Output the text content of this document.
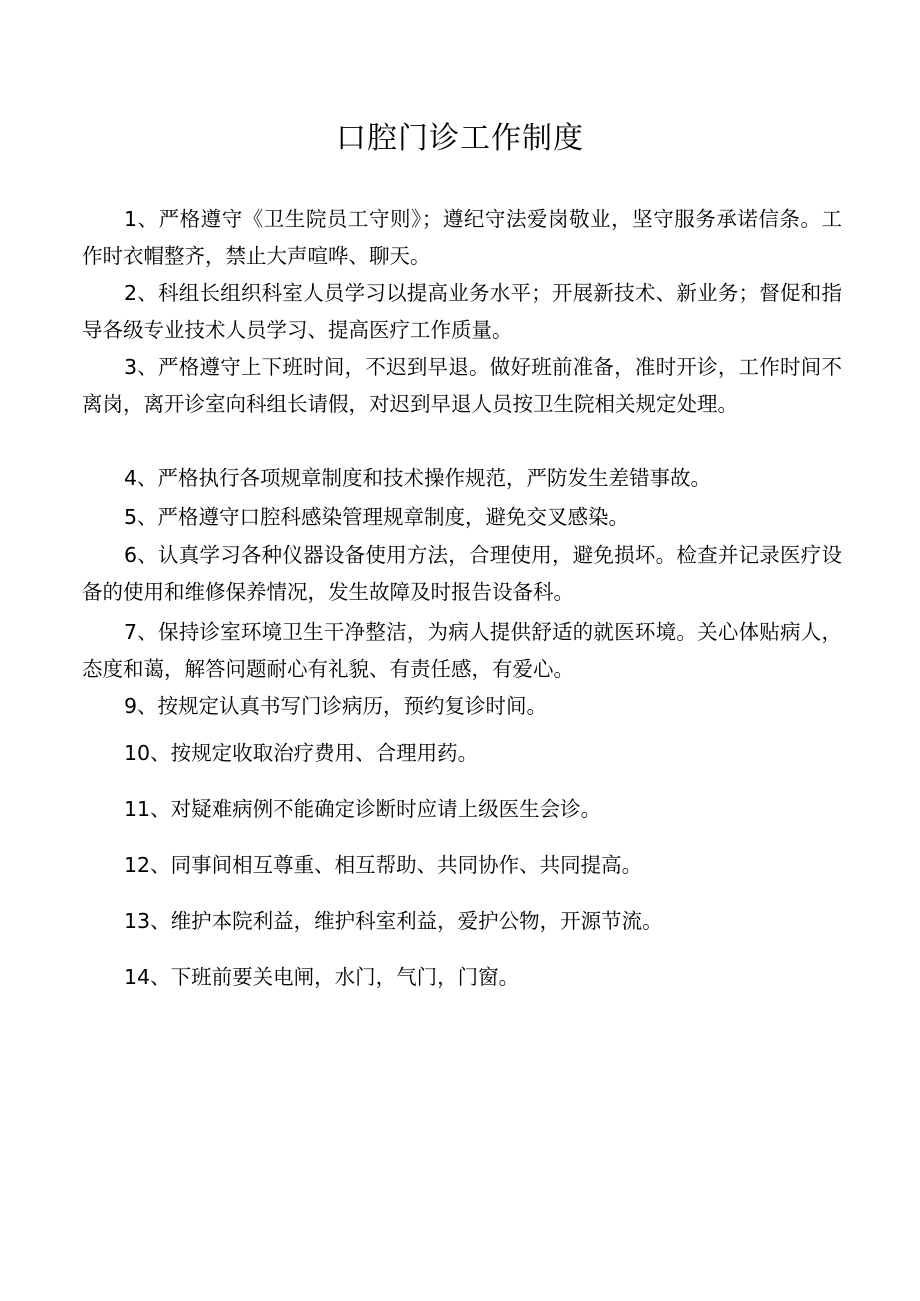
口腔门诊工作制度
1、严格遵守《卫生院员工守则》；遵纪守法爱岗敬业，坚守服务承诺信条。工作时衣帽整齐，禁止大声喧哗、聊天。
2、科组长组织科室人员学习以提高业务水平；开展新技术、新业务；督促和指导各级专业技术人员学习、提高医疗工作质量。
3、严格遵守上下班时间，不迟到早退。做好班前准备，准时开诊，工作时间不离岗，离开诊室向科组长请假，对迟到早退人员按卫生院相关规定处理。
4、严格执行各项规章制度和技术操作规范，严防发生差错事故。
5、严格遵守口腔科感染管理规章制度，避免交叉感染。
6、认真学习各种仪器设备使用方法，合理使用，避免损坏。检查并记录医疗设备的使用和维修保养情况，发生故障及时报告设备科。
7、保持诊室环境卫生干净整洁，为病人提供舒适的就医环境。关心体贴病人，态度和蔼，解答问题耐心有礼貌、有责任感，有爱心。
9、按规定认真书写门诊病历，预约复诊时间。
10、按规定收取治疗费用、合理用药。
11、对疑难病例不能确定诊断时应请上级医生会诊。
12、同事间相互尊重、相互帮助、共同协作、共同提高。
13、维护本院利益，维护科室利益，爱护公物，开源节流。
14、下班前要关电闸，水门，气门，门窗。
